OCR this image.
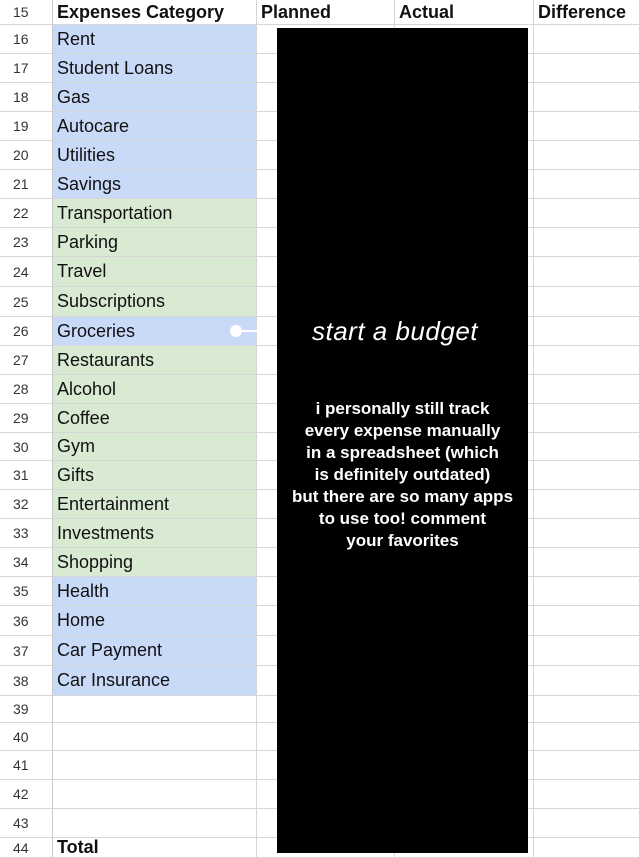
15	Expenses Category	Planned	Actual	Difference
16	Rent
17	Student Loans
18	Gas
19	Autocare
20	Utilities
21	Savings
22	Transportation
23	Parking
24	Travel
25	Subscriptions
26	Groceries
27	Restaurants
28	Alcohol
29	Coffee
30	Gym
31	Gifts
32	Entertainment
33	Investments
34	Shopping
35	Health
36	Home
37	Car Payment
38	Car Insurance
39
40
41
42
43
44	Total
start a budget
i personally still track
every expense manually
in a spreadsheet (which
is definitely outdated)
but there are so many apps
to use too! comment
your favorites
